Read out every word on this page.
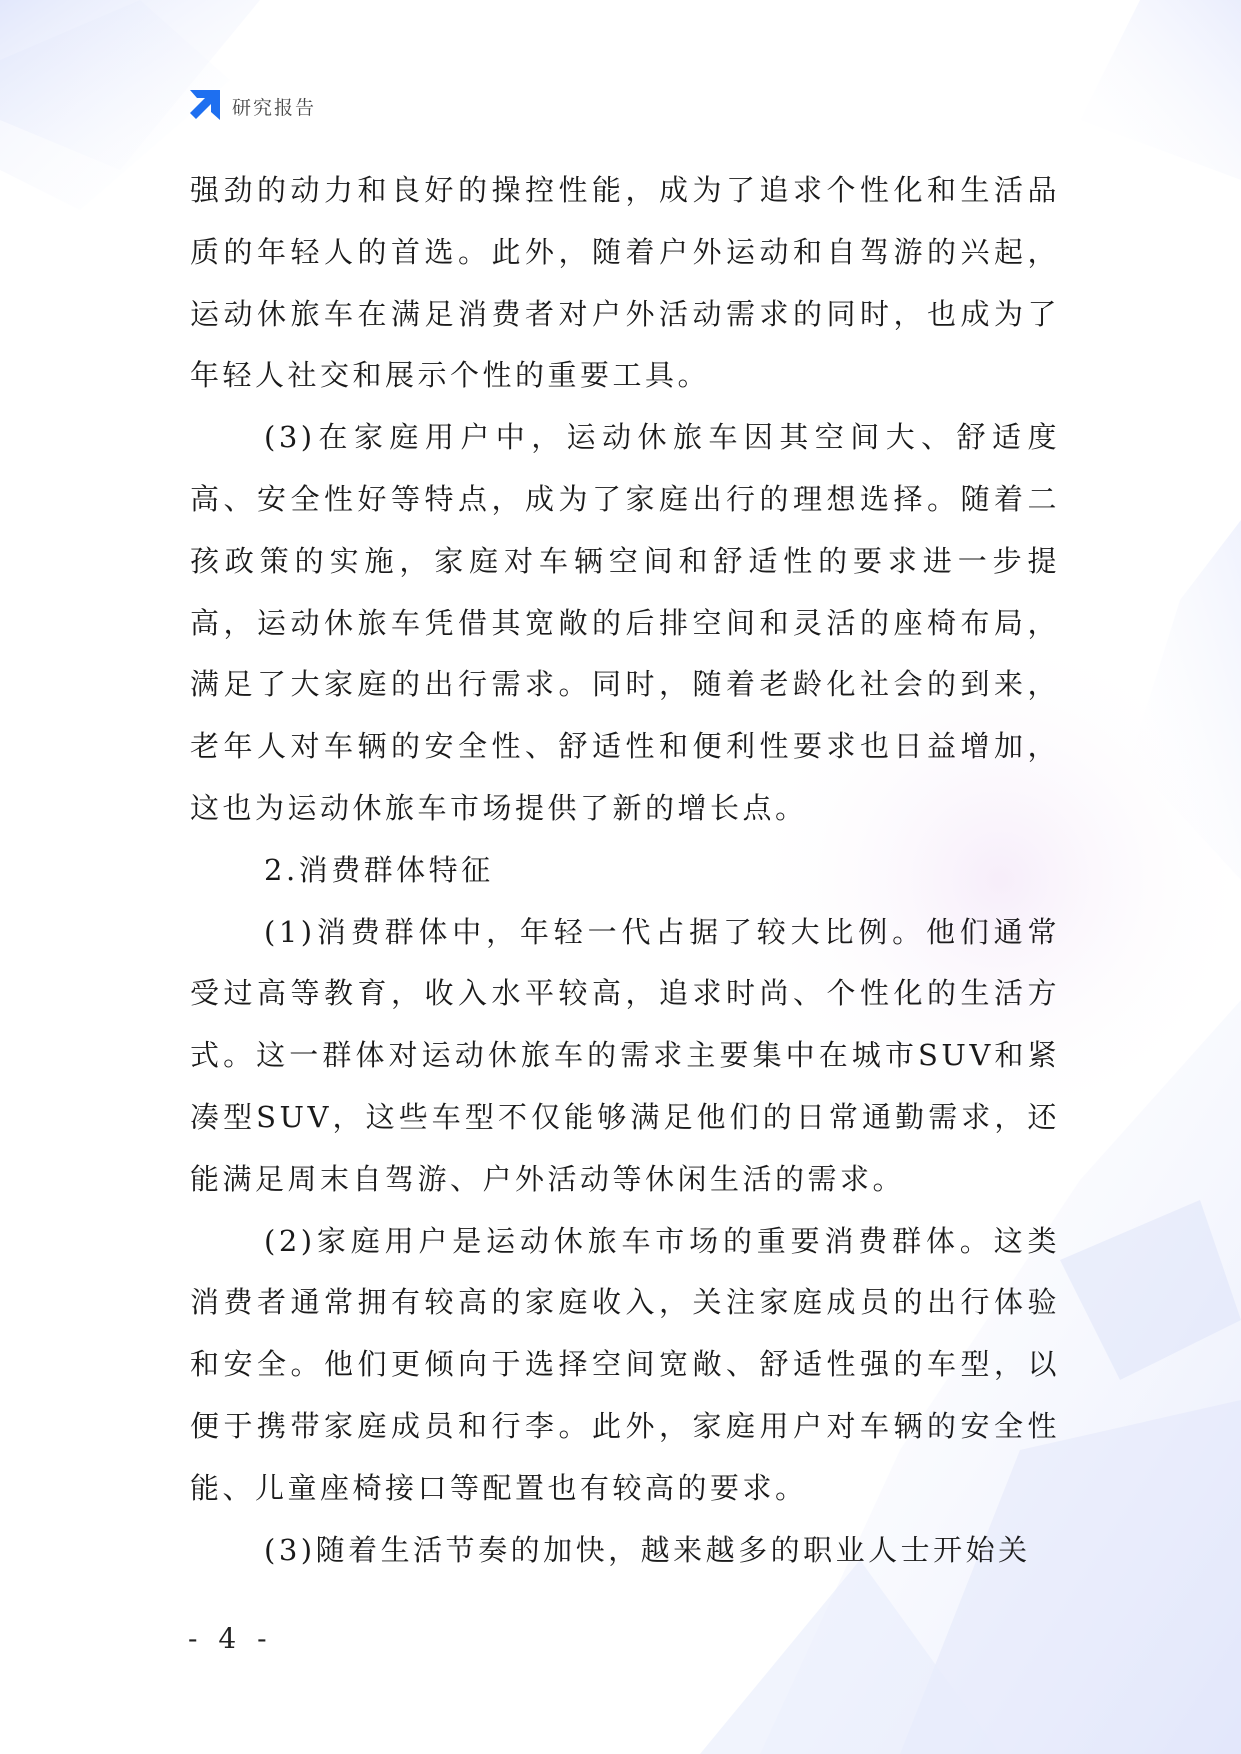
研究报告

强劲的动力和良好的操控性能，成为了追求个性化和生活品质的年轻人的首选。此外，随着户外运动和自驾游的兴起，运动休旅车在满足消费者对户外活动需求的同时，也成为了年轻人社交和展示个性的重要工具。

(3)在家庭用户中，运动休旅车因其空间大、舒适度高、安全性好等特点，成为了家庭出行的理想选择。随着二孩政策的实施，家庭对车辆空间和舒适性的要求进一步提高，运动休旅车凭借其宽敞的后排空间和灵活的座椅布局，满足了大家庭的出行需求。同时，随着老龄化社会的到来，老年人对车辆的安全性、舒适性和便利性要求也日益增加，这也为运动休旅车市场提供了新的增长点。

2.消费群体特征

(1)消费群体中，年轻一代占据了较大比例。他们通常受过高等教育，收入水平较高，追求时尚、个性化的生活方式。这一群体对运动休旅车的需求主要集中在城市SUV和紧凑型SUV，这些车型不仅能够满足他们的日常通勤需求，还能满足周末自驾游、户外活动等休闲生活的需求。

(2)家庭用户是运动休旅车市场的重要消费群体。这类消费者通常拥有较高的家庭收入，关注家庭成员的出行体验和安全。他们更倾向于选择空间宽敞、舒适性强的车型，以便于携带家庭成员和行李。此外，家庭用户对车辆的安全性能、儿童座椅接口等配置也有较高的要求。

(3)随着生活节奏的加快，越来越多的职业人士开始关

- 4 -
